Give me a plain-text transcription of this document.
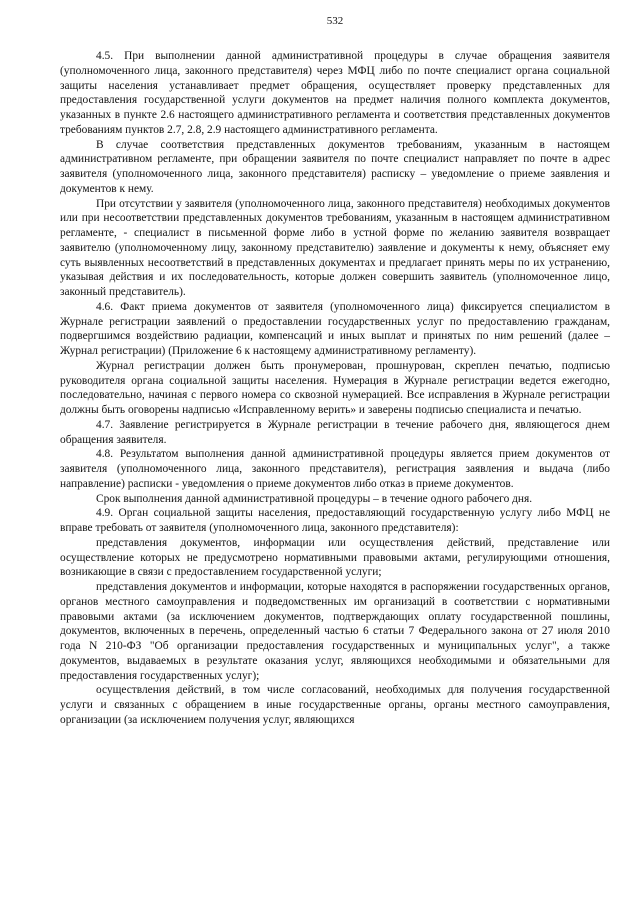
532

4.5. При выполнении данной административной процедуры в случае обращения заявителя (уполномоченного лица, законного представителя) через МФЦ либо по почте специалист органа социальной защиты населения устанавливает предмет обращения, осуществляет проверку представленных для предоставления государственной услуги документов на предмет наличия полного комплекта документов, указанных в пункте 2.6 настоящего административного регламента и соответствия представленных документов требованиям пунктов 2.7, 2.8, 2.9 настоящего административного регламента.

В случае соответствия представленных документов требованиям, указанным в настоящем административном регламенте, при обращении заявителя по почте специалист направляет по почте в адрес заявителя (уполномоченного лица, законного представителя) расписку – уведомление о приеме заявления и документов к нему.

При отсутствии у заявителя (уполномоченного лица, законного представителя) необходимых документов или при несоответствии представленных документов требованиям, указанным в настоящем административном регламенте, - специалист в письменной форме либо в устной форме по желанию заявителя возвращает заявителю (уполномоченному лицу, законному представителю) заявление и документы к нему, объясняет ему суть выявленных несоответствий в представленных документах и предлагает принять меры по их устранению, указывая действия и их последовательность, которые должен совершить заявитель (уполномоченное лицо, законный представитель).

4.6. Факт приема документов от заявителя (уполномоченного лица) фиксируется специалистом в Журнале регистрации заявлений о предоставлении государственных услуг по предоставлению гражданам, подвергшимся воздействию радиации, компенсаций и иных выплат и принятых по ним решений (далее – Журнал регистрации) (Приложение 6 к настоящему административному регламенту).

Журнал регистрации должен быть пронумерован, прошнурован, скреплен печатью, подписью руководителя органа социальной защиты населения. Нумерация в Журнале регистрации ведется ежегодно, последовательно, начиная с первого номера со сквозной нумерацией. Все исправления в Журнале регистрации должны быть оговорены надписью «Исправленному верить» и заверены подписью специалиста и печатью.

4.7. Заявление регистрируется в Журнале регистрации в течение рабочего дня, являющегося днем обращения заявителя.

4.8. Результатом выполнения данной административной процедуры является прием документов от заявителя (уполномоченного лица, законного представителя), регистрация заявления и выдача (либо направление) расписки - уведомления о приеме документов либо отказ в приеме документов.

Срок выполнения данной административной процедуры – в течение одного рабочего дня.

4.9. Орган социальной защиты населения, предоставляющий государственную услугу либо МФЦ не вправе требовать от заявителя (уполномоченного лица, законного представителя):

представления документов, информации или осуществления действий, представление или осуществление которых не предусмотрено нормативными правовыми актами, регулирующими отношения, возникающие в связи с предоставлением государственной услуги;

представления документов и информации, которые находятся в распоряжении государственных органов, органов местного самоуправления и подведомственных им организаций в соответствии с нормативными правовыми актами (за исключением документов, подтверждающих оплату государственной пошлины, документов, включенных в перечень, определенный частью 6 статьи 7 Федерального закона от 27 июля 2010 года N 210-ФЗ "Об организации предоставления государственных и муниципальных услуг", а также документов, выдаваемых в результате оказания услуг, являющихся необходимыми и обязательными для предоставления государственных услуг);

осуществления действий, в том числе согласований, необходимых для получения государственной услуги и связанных с обращением в иные государственные органы, органы местного самоуправления, организации (за исключением получения услуг, являющихся
